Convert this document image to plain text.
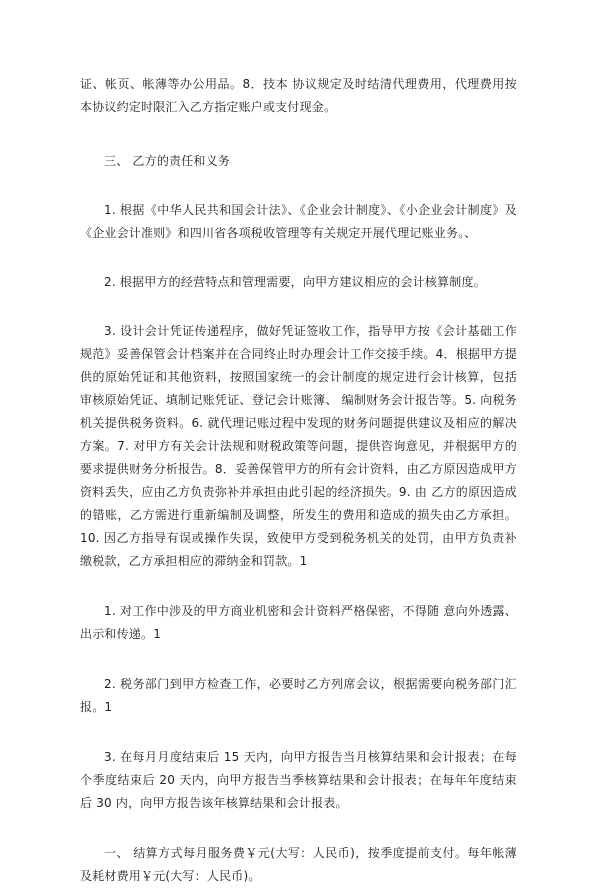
证、帐页、帐薄等办公用品。8．技本 协议规定及时结清代理费用，代理费用按本协议约定时限汇入乙方指定账户或支付现金。

三、 乙方的责任和义务

1. 根据《中华人民共和国会计法》、《企业会计制度》、《小企业会计制度》及《企业会计准则》和四川省各项税收管理等有关规定开展代理记账业务。、

2. 根据甲方的经营特点和管理需要，向甲方建议相应的会计核算制度。

3. 设计会计凭证传递程序，做好凭证签收工作，指导甲方按《会计基础工作规范》妥善保管会计档案并在合同终止时办理会计工作交接手续。4．根据甲方提供的原始凭证和其他资料，按照国家统一的会计制度的规定进行会计核算，包括审核原始凭证、填制记账凭证、登记会计账簿、 编制财务会计报告等。5. 向税务机关提供税务资料。6. 就代理记账过程中发现的财务问题提供建议及相应的解决方案。7. 对甲方有关会计法规和财税政策等问题，提供咨询意见，并根据甲方的要求提供财务分析报告。8．妥善保管甲方的所有会计资料，由乙方原因造成甲方资料丢失，应由乙方负责弥补并承担由此引起的经济损失。9. 由 乙方的原因造成的错账，乙方需进行重新编制及调整，所发生的费用和造成的损失由乙方承担。10. 因乙方指导有误或操作失误，致使甲方受到税务机关的处罚，由甲方负责补缴税款，乙方承担相应的滞纳金和罚款。1

1. 对工作中涉及的甲方商业机密和会计资料严格保密，不得随 意向外透露、出示和传递。1

2. 税务部门到甲方检查工作，必要时乙方列席会议，根据需要向税务部门汇报。1

3. 在每月月度结束后 15 天内，向甲方报告当月核算结果和会计报表；在每个季度结束后 20 天内，向甲方报告当季核算结果和会计报表；在每年年度结束后 30 内，向甲方报告该年核算结果和会计报表。

一、 结算方式每月服务费￥元(大写：人民币)，按季度提前支付。每年帐薄及耗材费用￥元(大写：人民币)。
